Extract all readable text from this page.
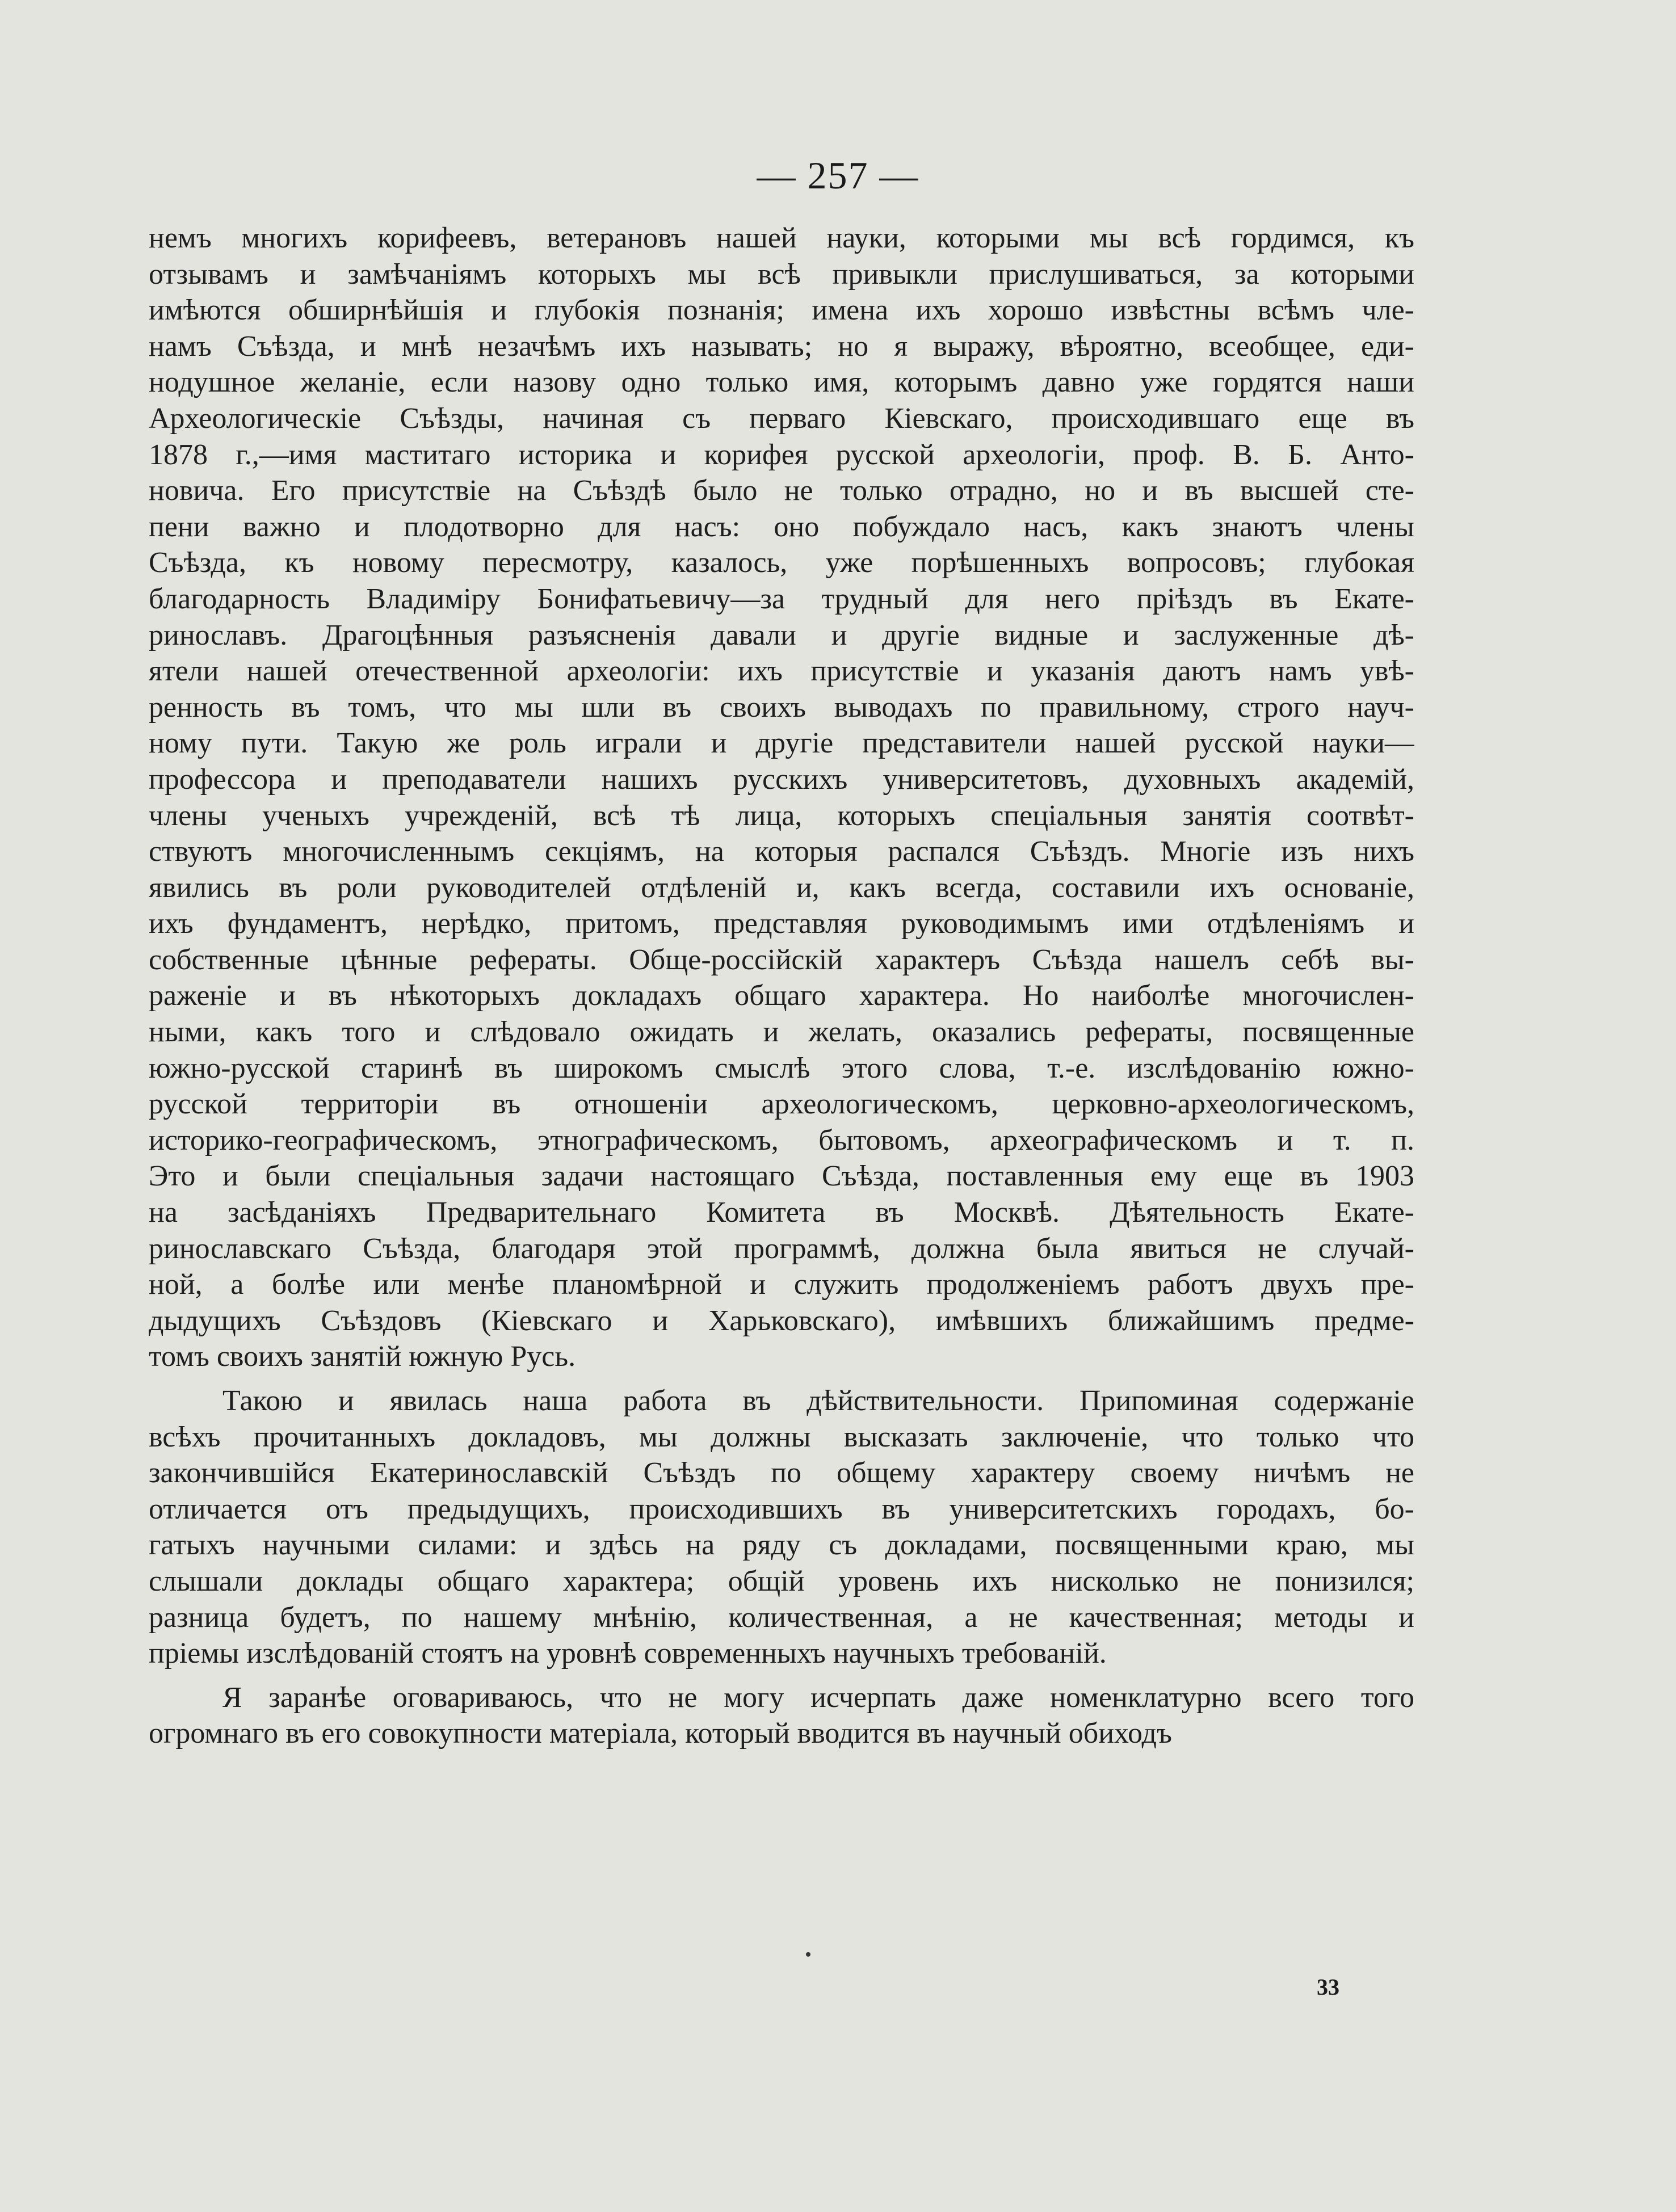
— 257 —
немъ многихъ корифеевъ, ветерановъ нашей науки, которыми мы всѣ гордимся, къ
отзывамъ и замѣчаніямъ которыхъ мы всѣ привыкли прислушиваться, за которыми
имѣются обширнѣйшія и глубокія познанія; имена ихъ хорошо извѣстны всѣмъ чле-
намъ Съѣзда, и мнѣ незачѣмъ ихъ называть; но я выражу, вѣроятно, всеобщее, еди-
нодушное желаніе, если назову одно только имя, которымъ давно уже гордятся наши
Археологическіе Съѣзды, начиная съ перваго Кіевскаго, происходившаго еще въ
1878 г.,—имя маститаго историка и корифея русской археологіи, проф. В. Б. Анто-
новича. Его присутствіе на Съѣздѣ было не только отрадно, но и въ высшей сте-
пени важно и плодотворно для насъ: оно побуждало насъ, какъ знаютъ члены
Съѣзда, къ новому пересмотру, казалось, уже порѣшенныхъ вопросовъ; глубокая
благодарность Владиміру Бонифатьевичу—за трудный для него пріѣздъ въ Екате-
ринославъ. Драгоцѣнныя разъясненія давали и другіе видные и заслуженные дѣ-
ятели нашей отечественной археологіи: ихъ присутствіе и указанія даютъ намъ увѣ-
ренность въ томъ, что мы шли въ своихъ выводахъ по правильному, строго науч-
ному пути. Такую же роль играли и другіе представители нашей русской науки—
профессора и преподаватели нашихъ русскихъ университетовъ, духовныхъ академій,
члены ученыхъ учрежденій, всѣ тѣ лица, которыхъ спеціальныя занятія соотвѣт-
ствуютъ многочисленнымъ секціямъ, на которыя распался Съѣздъ. Многіе изъ нихъ
явились въ роли руководителей отдѣленій и, какъ всегда, составили ихъ основаніе,
ихъ фундаментъ, нерѣдко, притомъ, представляя руководимымъ ими отдѣленіямъ и
собственные цѣнные рефераты. Обще-россійскій характеръ Съѣзда нашелъ себѣ вы-
раженіе и въ нѣкоторыхъ докладахъ общаго характера. Но наиболѣе многочислен-
ными, какъ того и слѣдовало ожидать и желать, оказались рефераты, посвященные
южно-русской старинѣ въ широкомъ смыслѣ этого слова, т.-е. изслѣдованію южно-
русской территоріи въ отношеніи археологическомъ, церковно-археологическомъ,
историко-географическомъ, этнографическомъ, бытовомъ, археографическомъ и т. п.
Это и были спеціальныя задачи настоящаго Съѣзда, поставленныя ему еще въ 1903
на засѣданіяхъ Предварительнаго Комитета въ Москвѣ. Дѣятельность Екате-
ринославскаго Съѣзда, благодаря этой программѣ, должна была явиться не случай-
ной, а болѣе или менѣе планомѣрной и служить продолженіемъ работъ двухъ пре-
дыдущихъ Съѣздовъ (Кіевскаго и Харьковскаго), имѣвшихъ ближайшимъ предме-
томъ своихъ занятій южную Русь.
Такою и явилась наша работа въ дѣйствительности. Припоминая содержаніе
всѣхъ прочитанныхъ докладовъ, мы должны высказать заключеніе, что только что
закончившійся Екатеринославскій Съѣздъ по общему характеру своему ничѣмъ не
отличается отъ предыдущихъ, происходившихъ въ университетскихъ городахъ, бо-
гатыхъ научными силами: и здѣсь на ряду съ докладами, посвященными краю, мы
слышали доклады общаго характера; общій уровень ихъ нисколько не понизился;
разница будетъ, по нашему мнѣнію, количественная, а не качественная; методы и
пріемы изслѣдованій стоятъ на уровнѣ современныхъ научныхъ требованій.
Я заранѣе оговариваюсь, что не могу исчерпать даже номенклатурно всего того
огромнаго въ его совокупности матеріала, который вводится въ научный обиходъ
33
